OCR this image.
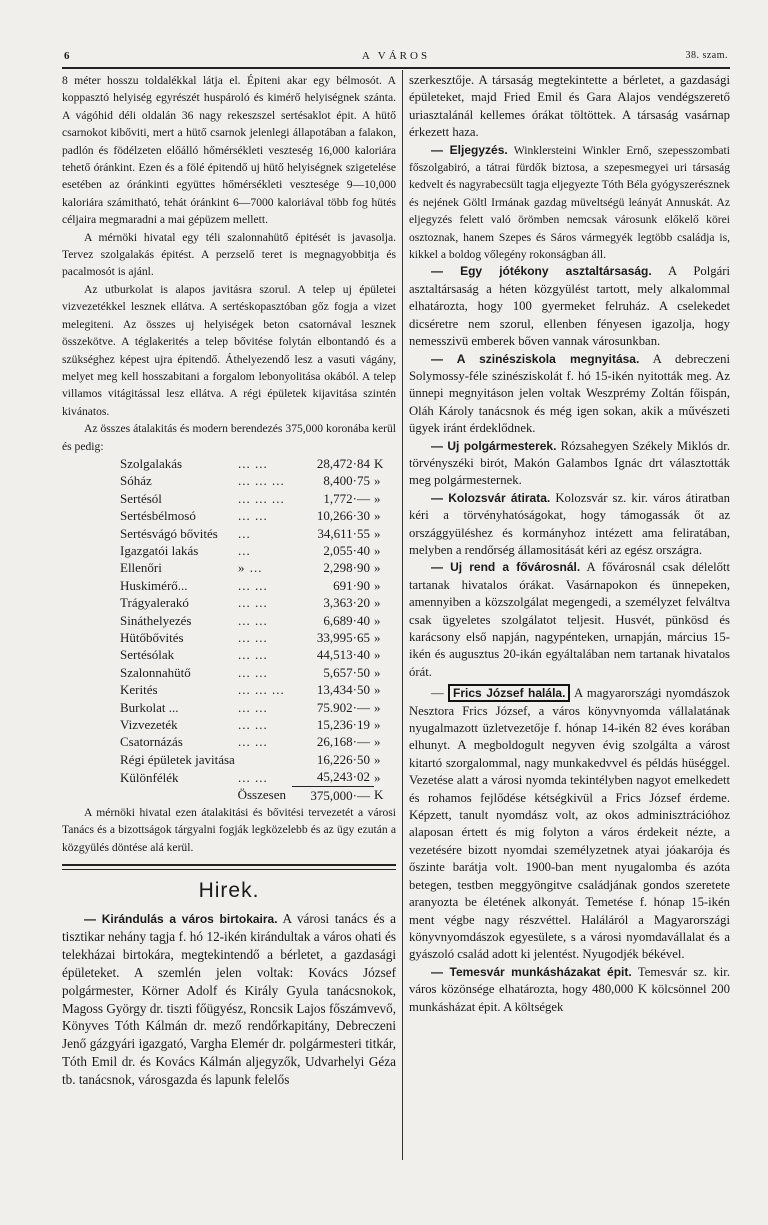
6	A VÁROS	38. szam.

8 méter hosszu toldalékkal látja el. Épiteni akar egy bélmosót. A koppasztó helyiség egyrészét huspároló és kimérő helyiségnek szánta. A vágóhid déli oldalán 36 nagy rekeszszel sertésaklot épit. A hütő csarnokot kibőviti, mert a hütő csarnok jelenlegi állapotában a falakon, padlón és födélzeten előálló hőmérsékleti veszteség 16,000 kaloriára tehető óránkint. Ezen és a fölé épitendő uj hütő helyiségnek szigetelése esetében az óránkinti együttes hőmérsékleti vesztesége 9—10,000 kaloriára számitható, tehát óránkint 6—7000 kaloriával több fog hütés céljaira megmaradni a mai gépüzem mellett.

A mérnöki hivatal egy téli szalonnahütő épitését is javasolja. Tervez szolgalakás épitést. A perzselő teret is megnagyobbitja és pacalmosót is ajánl.

Az utburkolat is alapos javitásra szorul. A telep uj épületei vizvezetékkel lesznek ellátva. A sertéskopasztóban gőz fogja a vizet melegiteni. Az összes uj helyiségek beton csatornával lesznek összekötve. A téglakerités a telep bővitése folytán elbontandó és a szükséghez képest ujra épitendő. Áthelyezendő lesz a vasuti vágány, melyet meg kell hosszabitani a forgalom lebonyolitása okából. A telep villamos vitágitással lesz ellátva. A régi épületek kijavitása szintén kivánatos.

Az összes átalakitás és modern berendezés 375,000 koronába kerül és pedig:

Szolgalakás	... ...	28,472·84	K
Sóház	... ... ...	8,400·75	»
Sertésól	... ... ...	1,772·—	»
Sertésbélmosó	... ...	10,266·30	»
Sertésvágó bővités	...	34,611·55	»
Igazgatói lakás	...	2,055·40	»
Ellenőri	» ...	2,298·90	»
Huskimérő...	... ...	691·90	»
Trágyalerakó	... ...	3,363·20	»
Sináthelyezés	... ...	6,689·40	»
Hütőbővités	... ...	33,995·65	»
Sertésólak	... ...	44,513·40	»
Szalonnahütő	... ...	5,657·50	»
Kerités	... ... ...	13,434·50	»
Burkolat ...	... ...	75.902·—	»
Vizvezeték	... ...	15,236·19	»
Csatornázás	... ...	26,168·—	»
Régi épületek javitása		16,226·50	»
Különfélék	... ...	45,243·02	»
Összesen		375,000·—	K

A mérnöki hivatal ezen átalakitási és bővitési tervezetét a városi Tanács és a bizottságok tárgyalni fogják legközelebb és az ügy ezután a közgyülés döntése alá kerül.

Hirek.

— Kirándulás a város birtokaira. A városi tanács és a tisztikar nehány tagja f. hó 12-ikén kirándultak a város ohati és telekházai birtokára, megtekintendő a bérletet, a gazdasági épületeket. A szemlén jelen voltak: Kovács József polgármester, Körner Adolf és Király Gyula tanácsnokok, Magoss György dr. tiszti főügyész, Roncsik Lajos főszámvevő, Könyves Tóth Kálmán dr. mező rendőrkapitány, Debreczeni Jenő gázgyári igazgató, Vargha Elemér dr. polgármesteri titkár, Tóth Emil dr. és Kovács Kálmán aljegyzők, Udvarhelyi Géza tb. tanácsnok, városgazda és lapunk felelős

szerkesztője. A társaság megtekintette a bérletet, a gazdasági épületeket, majd Fried Emil és Gara Alajos vendégszerető uriasztalánál kellemes órákat töltöttek. A társaság vasárnap érkezett haza.

— Eljegyzés. Winklersteini Winkler Ernő, szepesszombati főszolgabiró, a tátrai fürdők biztosa, a szepesmegyei uri társaság kedvelt és nagyrabecsült tagja eljegyezte Tóth Béla gyógyszerésznek és nejének Göltl Irmának gazdag müveltségü leányát Annuskát. Az eljegyzés felett való örömben nemcsak városunk előkelő körei osztoznak, hanem Szepes és Sáros vármegyék legtöbb családja is, kikkel a boldog vőlegény rokonságban áll.

— Egy jótékony asztaltársaság. A Polgári asztaltársaság a héten közgyülést tartott, mely alkalommal elhatározta, hogy 100 gyermeket felruház. A cselekedet dicséretre nem szorul, ellenben fényesen igazolja, hogy nemesszivü emberek bőven vannak városunkban.

— A szinésziskola megnyitása. A debreczeni Solymossy-féle szinésziskolát f. hó 15-ikén nyitották meg. Az ünnepi megnyitáson jelen voltak Weszprémy Zoltán főispán, Oláh Károly tanácsnok és még igen sokan, akik a művészeti ügyek iránt érdeklődnek.

— Uj polgármesterek. Rózsahegyen Székely Miklós dr. törvényszéki birót, Makón Galambos Ignác drt választották meg polgármesternek.

— Kolozsvár átirata. Kolozsvár sz. kir. város átiratban kéri a törvényhatóságokat, hogy támogassák őt az országgyüléshez és kormányhoz intézett ama feliratában, melyben a rendőrség államositását kéri az egész országra.

— Uj rend a fővárosnál. A fővárosnál csak délelőtt tartanak hivatalos órákat. Vasárnapokon és ünnepeken, amennyiben a közszolgálat megengedi, a személyzet felváltva csak ügyeletes szolgálatot teljesit. Husvét, pünkösd és karácsony első napján, nagypénteken, urnapján, március 15-ikén és augusztus 20-ikán egyáltalában nem tartanak hivatalos órát.

— Frics József halála. A magyarországi nyomdászok Nesztora Frics József, a város könyvnyomda vállalatának nyugalmazott üzletvezetője f. hónap 14-ikén 82 éves korában elhunyt. A megboldogult negyven évig szolgálta a várost kitartó szorgalommal, nagy munkakedvvel és példás hüséggel. Vezetése alatt a városi nyomda tekintélyben nagyot emelkedett és rohamos fejlődése kétségkivül a Frics József érdeme. Képzett, tanult nyomdász volt, az okos adminisztrációhoz alaposan értett és mig folyton a város érdekeit nézte, a vezetésére bizott nyomdai személyzetnek atyai jóakarója és őszinte barátja volt. 1900-ban ment nyugalomba és azóta betegen, testben meggyöngitve családjának gondos szeretete aranyozta be életének alkonyát. Temetése f. hónap 15-ikén ment végbe nagy részvéttel. Haláláról a Magyarországi könyvnyomdászok egyesülete, s a városi nyomdavállalat és a gyászoló család adott ki jelentést. Nyugodjék békével.

— Temesvár munkásházakat épit. Temesvár sz. kir. város közönsége elhatározta, hogy 480,000 K kölcsönnel 200 munkásházat épit. A költségek
